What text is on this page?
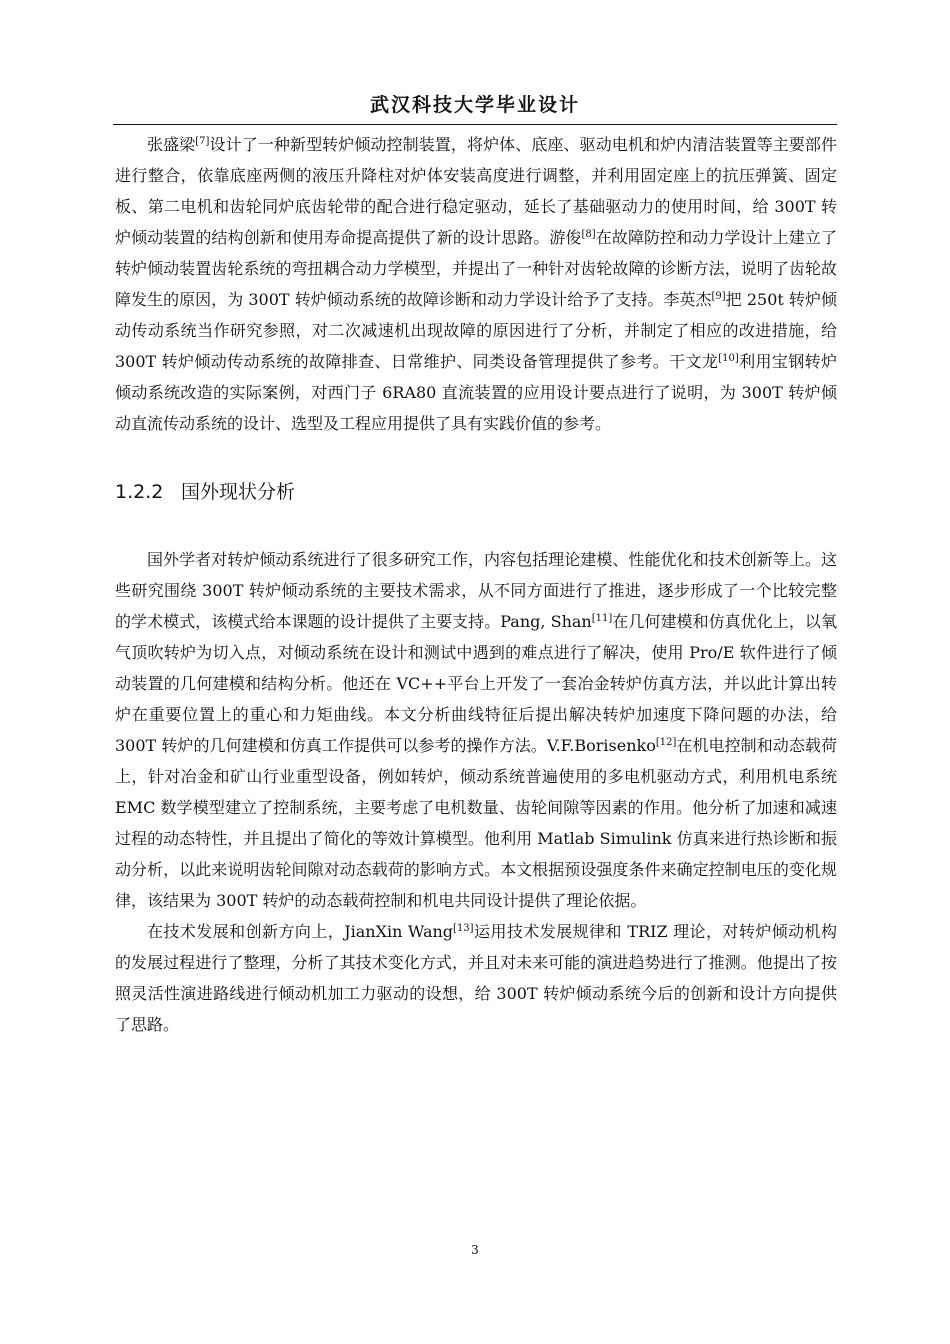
武汉科技大学毕业设计

张盛梁[7]设计了一种新型转炉倾动控制装置，将炉体、底座、驱动电机和炉内清洁装置等主要部件进行整合，依靠底座两侧的液压升降柱对炉体安装高度进行调整，并利用固定座上的抗压弹簧、固定板、第二电机和齿轮同炉底齿轮带的配合进行稳定驱动，延长了基础驱动力的使用时间，给 300T 转炉倾动装置的结构创新和使用寿命提高提供了新的设计思路。游俊[8]在故障防控和动力学设计上建立了转炉倾动装置齿轮系统的弯扭耦合动力学模型，并提出了一种针对齿轮故障的诊断方法，说明了齿轮故障发生的原因，为 300T 转炉倾动系统的故障诊断和动力学设计给予了支持。李英杰[9]把 250t 转炉倾动传动系统当作研究参照，对二次减速机出现故障的原因进行了分析，并制定了相应的改进措施，给 300T 转炉倾动传动系统的故障排查、日常维护、同类设备管理提供了参考。干文龙[10]利用宝钢转炉倾动系统改造的实际案例，对西门子 6RA80 直流装置的应用设计要点进行了说明，为 300T 转炉倾动直流传动系统的设计、选型及工程应用提供了具有实践价值的参考。

1.2.2 国外现状分析

国外学者对转炉倾动系统进行了很多研究工作，内容包括理论建模、性能优化和技术创新等上。这些研究围绕 300T 转炉倾动系统的主要技术需求，从不同方面进行了推进，逐步形成了一个比较完整的学术模式，该模式给本课题的设计提供了主要支持。Pang, Shan[11]在几何建模和仿真优化上，以氧气顶吹转炉为切入点，对倾动系统在设计和测试中遇到的难点进行了解决，使用 Pro/E 软件进行了倾动装置的几何建模和结构分析。他还在 VC++平台上开发了一套冶金转炉仿真方法，并以此计算出转炉在重要位置上的重心和力矩曲线。本文分析曲线特征后提出解决转炉加速度下降问题的办法，给 300T 转炉的几何建模和仿真工作提供可以参考的操作方法。V.F.Borisenko[12]在机电控制和动态载荷上，针对冶金和矿山行业重型设备，例如转炉，倾动系统普遍使用的多电机驱动方式，利用机电系统 EMC 数学模型建立了控制系统，主要考虑了电机数量、齿轮间隙等因素的作用。他分析了加速和减速过程的动态特性，并且提出了简化的等效计算模型。他利用 Matlab Simulink 仿真来进行热诊断和振动分析，以此来说明齿轮间隙对动态载荷的影响方式。本文根据预设强度条件来确定控制电压的变化规律，该结果为 300T 转炉的动态载荷控制和机电共同设计提供了理论依据。

在技术发展和创新方向上，JianXin Wang[13]运用技术发展规律和 TRIZ 理论，对转炉倾动机构的发展过程进行了整理，分析了其技术变化方式，并且对未来可能的演进趋势进行了推测。他提出了按照灵活性演进路线进行倾动机加工力驱动的设想，给 300T 转炉倾动系统今后的创新和设计方向提供了思路。

3
